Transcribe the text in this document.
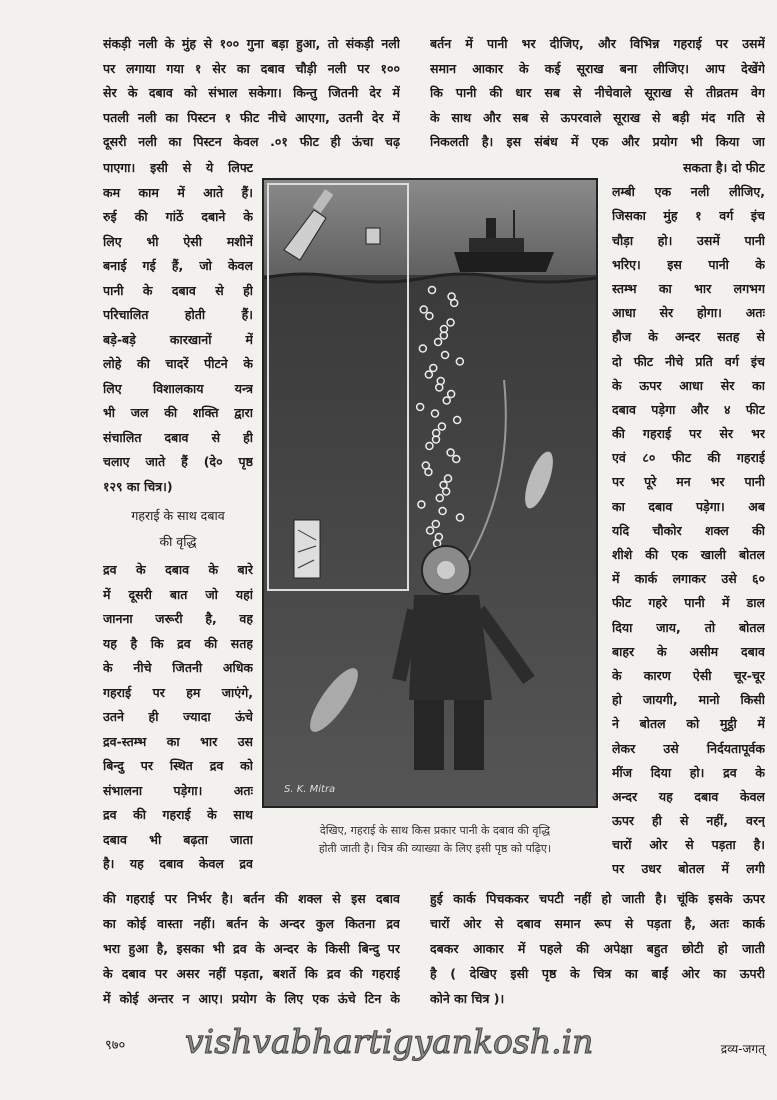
संकड़ी नली के मुंह से १०० गुना बड़ा हुआ, तो संकड़ी नली
पर लगाया गया १ सेर का दबाव चौड़ी नली पर १००
सेर के दबाव को संभाल सकेगा। किन्तु जितनी देर में
पतली नली का पिस्टन १ फीट नीचे आएगा, उतनी देर में
दूसरी नली का पिस्टन केवल .०१ फीट ही ऊंचा चढ़
बर्तन में पानी भर दीजिए, और विभिन्न गहराई पर उसमें
समान आकार के कई सूराख बना लीजिए। आप देखेंगे
कि पानी की धार सब से नीचेवाले सूराख से तीव्रतम वेग
के साथ और सब से ऊपरवाले सूराख से बड़ी मंद गति से
निकलती है। इस संबंध में एक और प्रयोग भी किया जा
पाएगा। इसी से ये लिफ्ट
कम काम में आते हैं।
रुई की गांठें दबाने के
लिए भी ऐसी मशीनें
बनाई गई हैं, जो केवल
पानी के दबाव से ही
परिचालित होती हैं।
बड़े-बड़े कारखानों में
लोहे की चादरें पीटने के
लिए विशालकाय यन्त्र
भी जल की शक्ति द्वारा
संचालित दबाव से ही
चलाए जाते हैं (दे० पृष्ठ
१२९ का चित्र।)
गहराई के साथ दबाव
की वृद्धि
द्रव के दबाव के बारे
में दूसरी बात जो यहां
जानना जरूरी है, वह
यह है कि द्रव की सतह
के नीचे जितनी अधिक
गहराई पर हम जाएंगे,
उतने ही ज्यादा ऊंचे
द्रव-स्तम्भ का भार उस
बिन्दु पर स्थित द्रव को
संभालना पड़ेगा। अतः
द्रव की गहराई के साथ
दबाव भी बढ़ता जाता
है। यह दबाव केवल द्रव
सकता है। दो फीट
लम्बी एक नली लीजिए,
जिसका मुंह १ वर्ग इंच
चौड़ा हो। उसमें पानी
भरिए। इस पानी के
स्तम्भ का भार लगभग
आधा सेर होगा। अतः
हौज के अन्दर सतह से
दो फीट नीचे प्रति वर्ग इंच
के ऊपर आधा सेर का
दबाव पड़ेगा और ४ फीट
की गहराई पर सेर भर
एवं ८० फीट की गहराई
पर पूरे मन भर पानी
का दबाव पड़ेगा। अब
यदि चौकोर शक्ल की
शीशे की एक खाली बोतल
में कार्क लगाकर उसे ६०
फीट गहरे पानी में डाल
दिया जाय, तो बोतल
बाहर के असीम दबाव
के कारण ऐसी चूर-चूर
हो जायगी, मानो किसी
ने बोतल को मुट्ठी में
लेकर उसे निर्दयतापूर्वक
मींज दिया हो। द्रव के
अन्दर यह दबाव केवल
ऊपर ही से नहीं, वरन्
चारों ओर से पड़ता है।
पर उधर बोतल में लगी
की गहराई पर निर्भर है। बर्तन की शक्ल से इस दबाव
का कोई वास्ता नहीं। बर्तन के अन्दर कुल कितना द्रव
भरा हुआ है, इसका भी द्रव के अन्दर के किसी बिन्दु पर
के दबाव पर असर नहीं पड़ता, बशर्ते कि द्रव की गहराई
में कोई अन्तर न आए। प्रयोग के लिए एक ऊंचे टिन के
हुई कार्क पिचककर चपटी नहीं हो जाती है। चूंकि इसके ऊपर
चारों ओर से दबाव समान रूप से पड़ता है, अतः कार्क
दबकर आकार में पहले की अपेक्षा बहुत छोटी हो जाती
है ( देखिए इसी पृष्ठ के चित्र का बाईं ओर का ऊपरी
कोने का चित्र )।
S. K. Mitra
देखिए, गहराई के साथ किस प्रकार पानी के दबाव की वृद्धि
होती जाती है। चित्र की व्याख्या के लिए इसी पृष्ठ को पढ़िए।
९७० vishvabhartigyankosh.in	द्रव्य-जगत्
